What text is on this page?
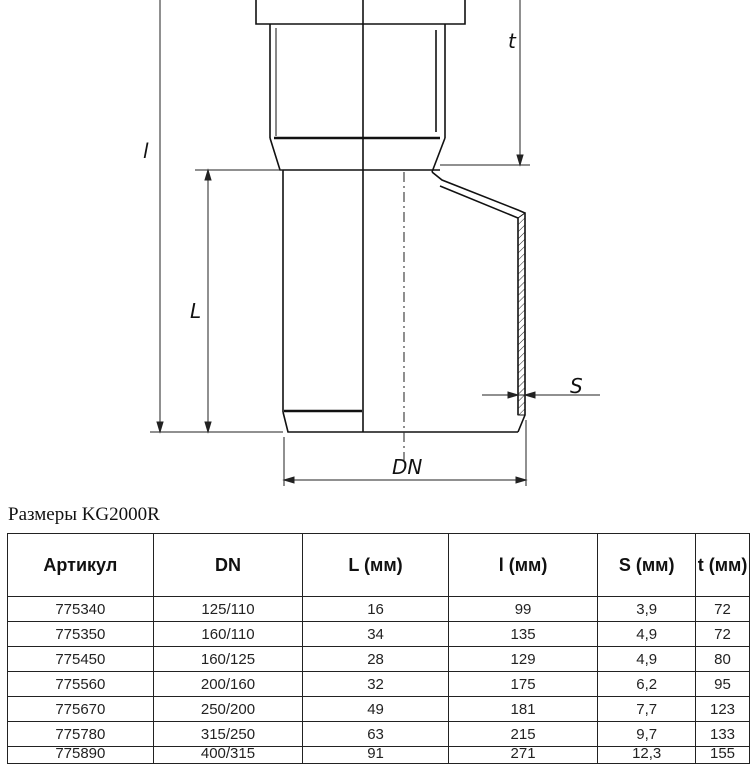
l
t
L
S
DN
Размеры KG2000R
Артикул	DN	L (мм)	l (мм)	S (мм)	t (мм)
775340	125/110	16	99	3,9	72
775350	160/110	34	135	4,9	72
775450	160/125	28	129	4,9	80
775560	200/160	32	175	6,2	95
775670	250/200	49	181	7,7	123
775780	315/250	63	215	9,7	133
775890	400/315	91	271	12,3	155
